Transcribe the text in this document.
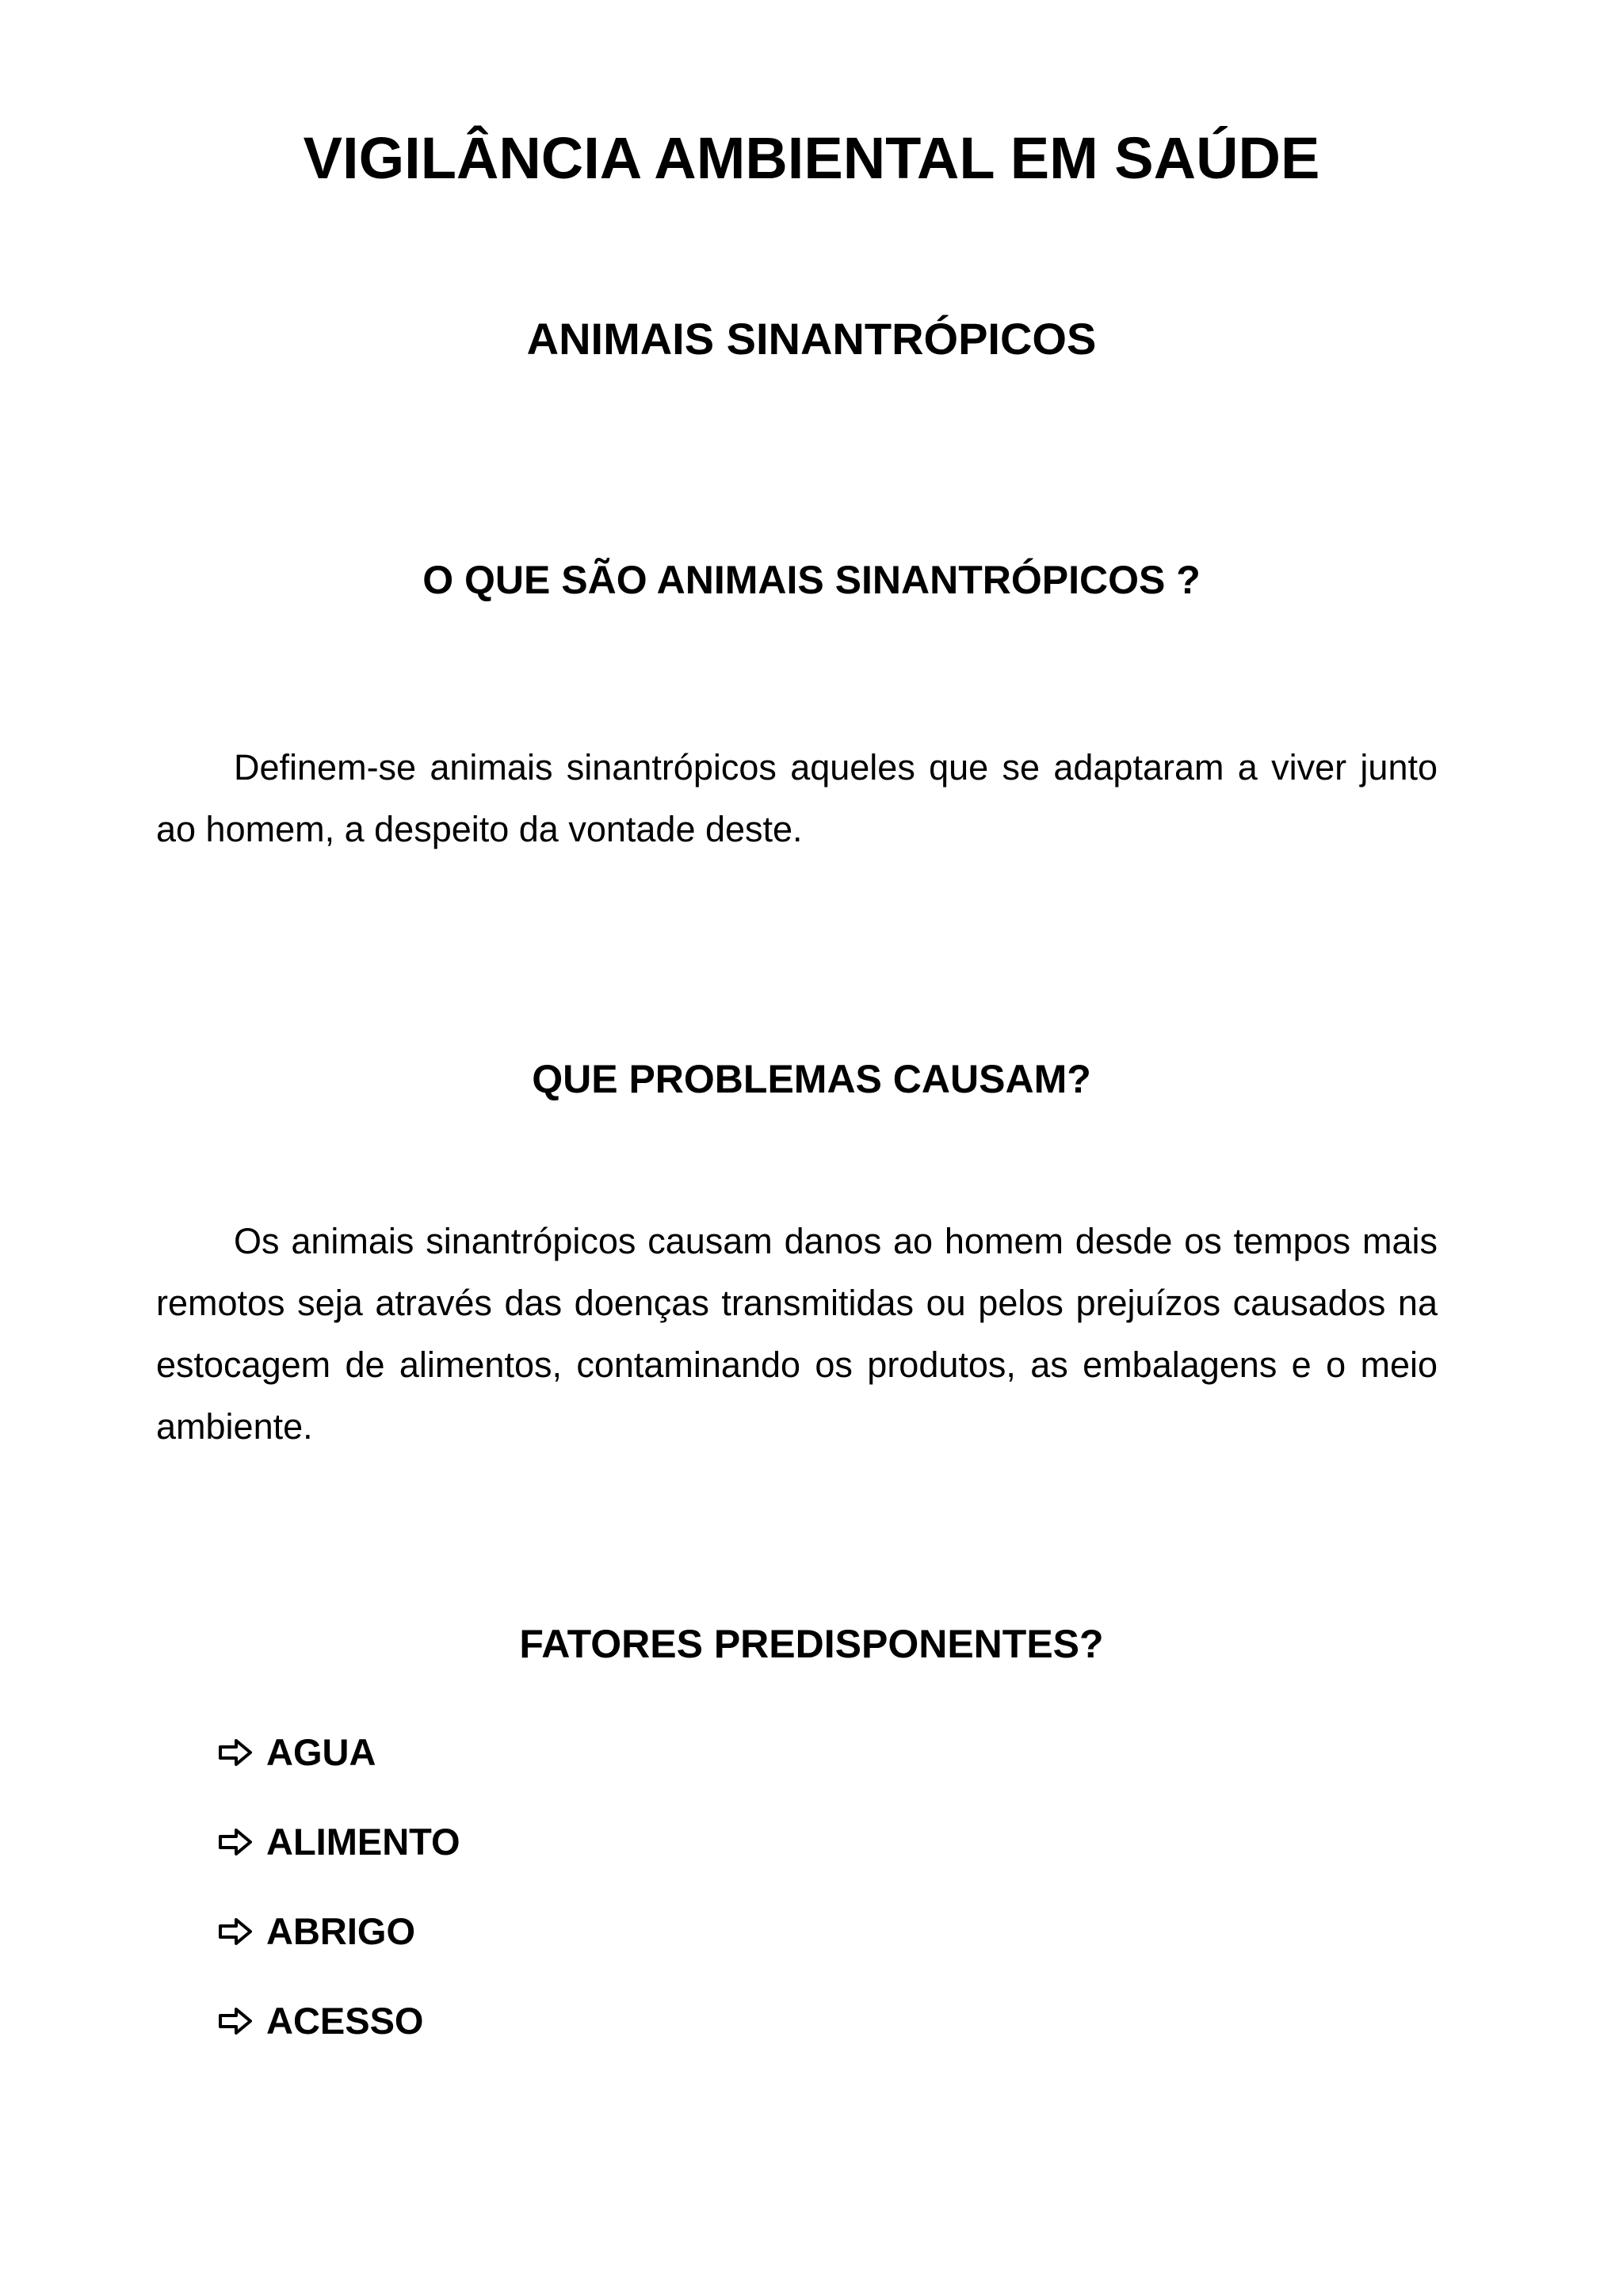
VIGILÂNCIA AMBIENTAL EM SAÚDE
ANIMAIS SINANTRÓPICOS
O QUE SÃO ANIMAIS SINANTRÓPICOS ?

Definem-se animais sinantrópicos aqueles que se adaptaram a viver junto ao homem, a despeito da vontade deste.

QUE PROBLEMAS CAUSAM?

Os animais sinantrópicos causam danos ao homem desde os tempos mais remotos seja através das doenças transmitidas ou pelos prejuízos causados na estocagem de alimentos, contaminando os produtos, as embalagens e o meio ambiente.

FATORES PREDISPONENTES?
AGUA
ALIMENTO
ABRIGO
ACESSO
